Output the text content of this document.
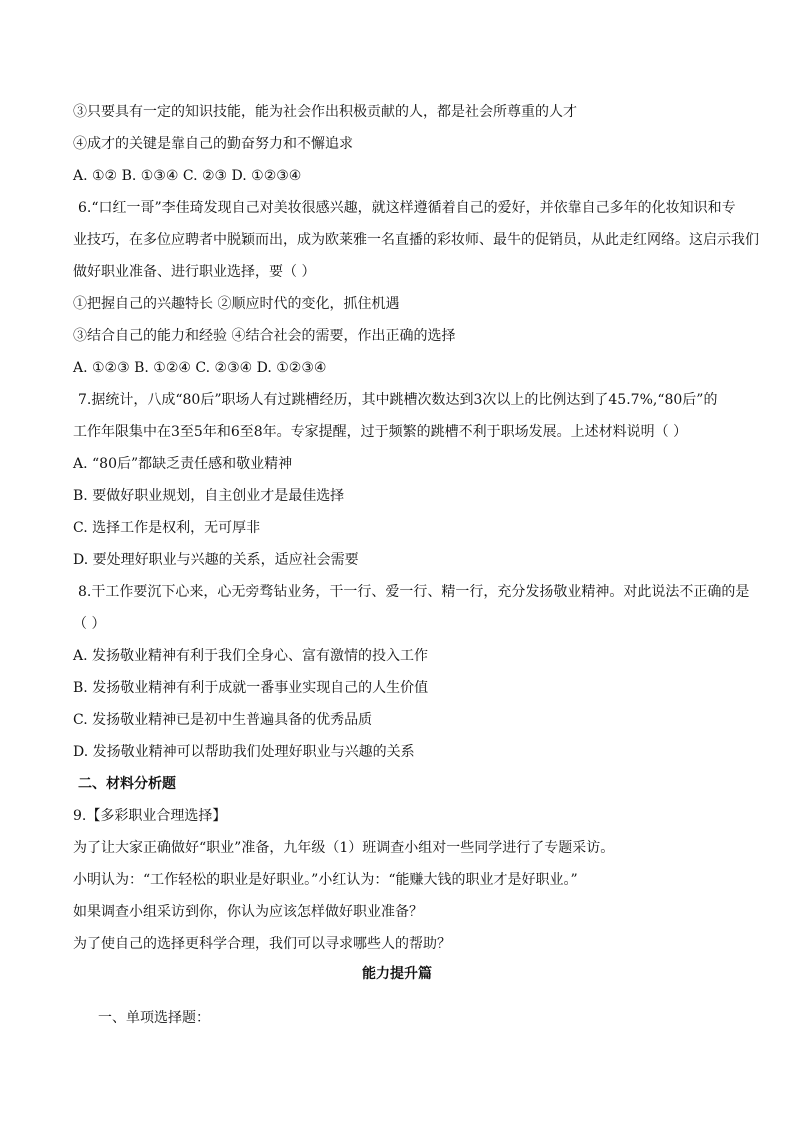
③只要具有一定的知识技能，能为社会作出积极贡献的人，都是社会所尊重的人才
④成才的关键是靠自己的勤奋努力和不懈追求
A. ①② B. ①③④ C. ②③ D. ①②③④
6.“口红一哥”李佳琦发现自己对美妆很感兴趣，就这样遵循着自己的爱好，并依靠自己多年的化妆知识和专
业技巧，在多位应聘者中脱颖而出，成为欧莱雅一名直播的彩妆师、最牛的促销员，从此走红网络。这启示我们
做好职业准备、进行职业选择，要（ ）
①把握自己的兴趣特长 ②顺应时代的变化，抓住机遇
③结合自己的能力和经验 ④结合社会的需要，作出正确的选择
A. ①②③ B. ①②④ C. ②③④ D. ①②③④
7.据统计，八成“80后”职场人有过跳槽经历，其中跳槽次数达到3次以上的比例达到了45.7%,“80后”的
工作年限集中在3至5年和6至8年。专家提醒，过于频繁的跳槽不利于职场发展。上述材料说明（ ）
A. “80后”都缺乏责任感和敬业精神
B. 要做好职业规划，自主创业才是最佳选择
C. 选择工作是权利，无可厚非
D. 要处理好职业与兴趣的关系，适应社会需要
8.干工作要沉下心来，心无旁骛钻业务，干一行、爱一行、精一行，充分发扬敬业精神。对此说法不正确的是
（ ）
A. 发扬敬业精神有利于我们全身心、富有激情的投入工作
B. 发扬敬业精神有利于成就一番事业实现自己的人生价值
C. 发扬敬业精神已是初中生普遍具备的优秀品质
D. 发扬敬业精神可以帮助我们处理好职业与兴趣的关系
二、材料分析题
9.【多彩职业合理选择】
为了让大家正确做好“职业”准备，九年级（1）班调查小组对一些同学进行了专题采访。
小明认为：“工作轻松的职业是好职业。”小红认为：“能赚大钱的职业才是好职业。”
如果调查小组采访到你，你认为应该怎样做好职业准备？
为了使自己的选择更科学合理，我们可以寻求哪些人的帮助？
能力提升篇
一、单项选择题：
